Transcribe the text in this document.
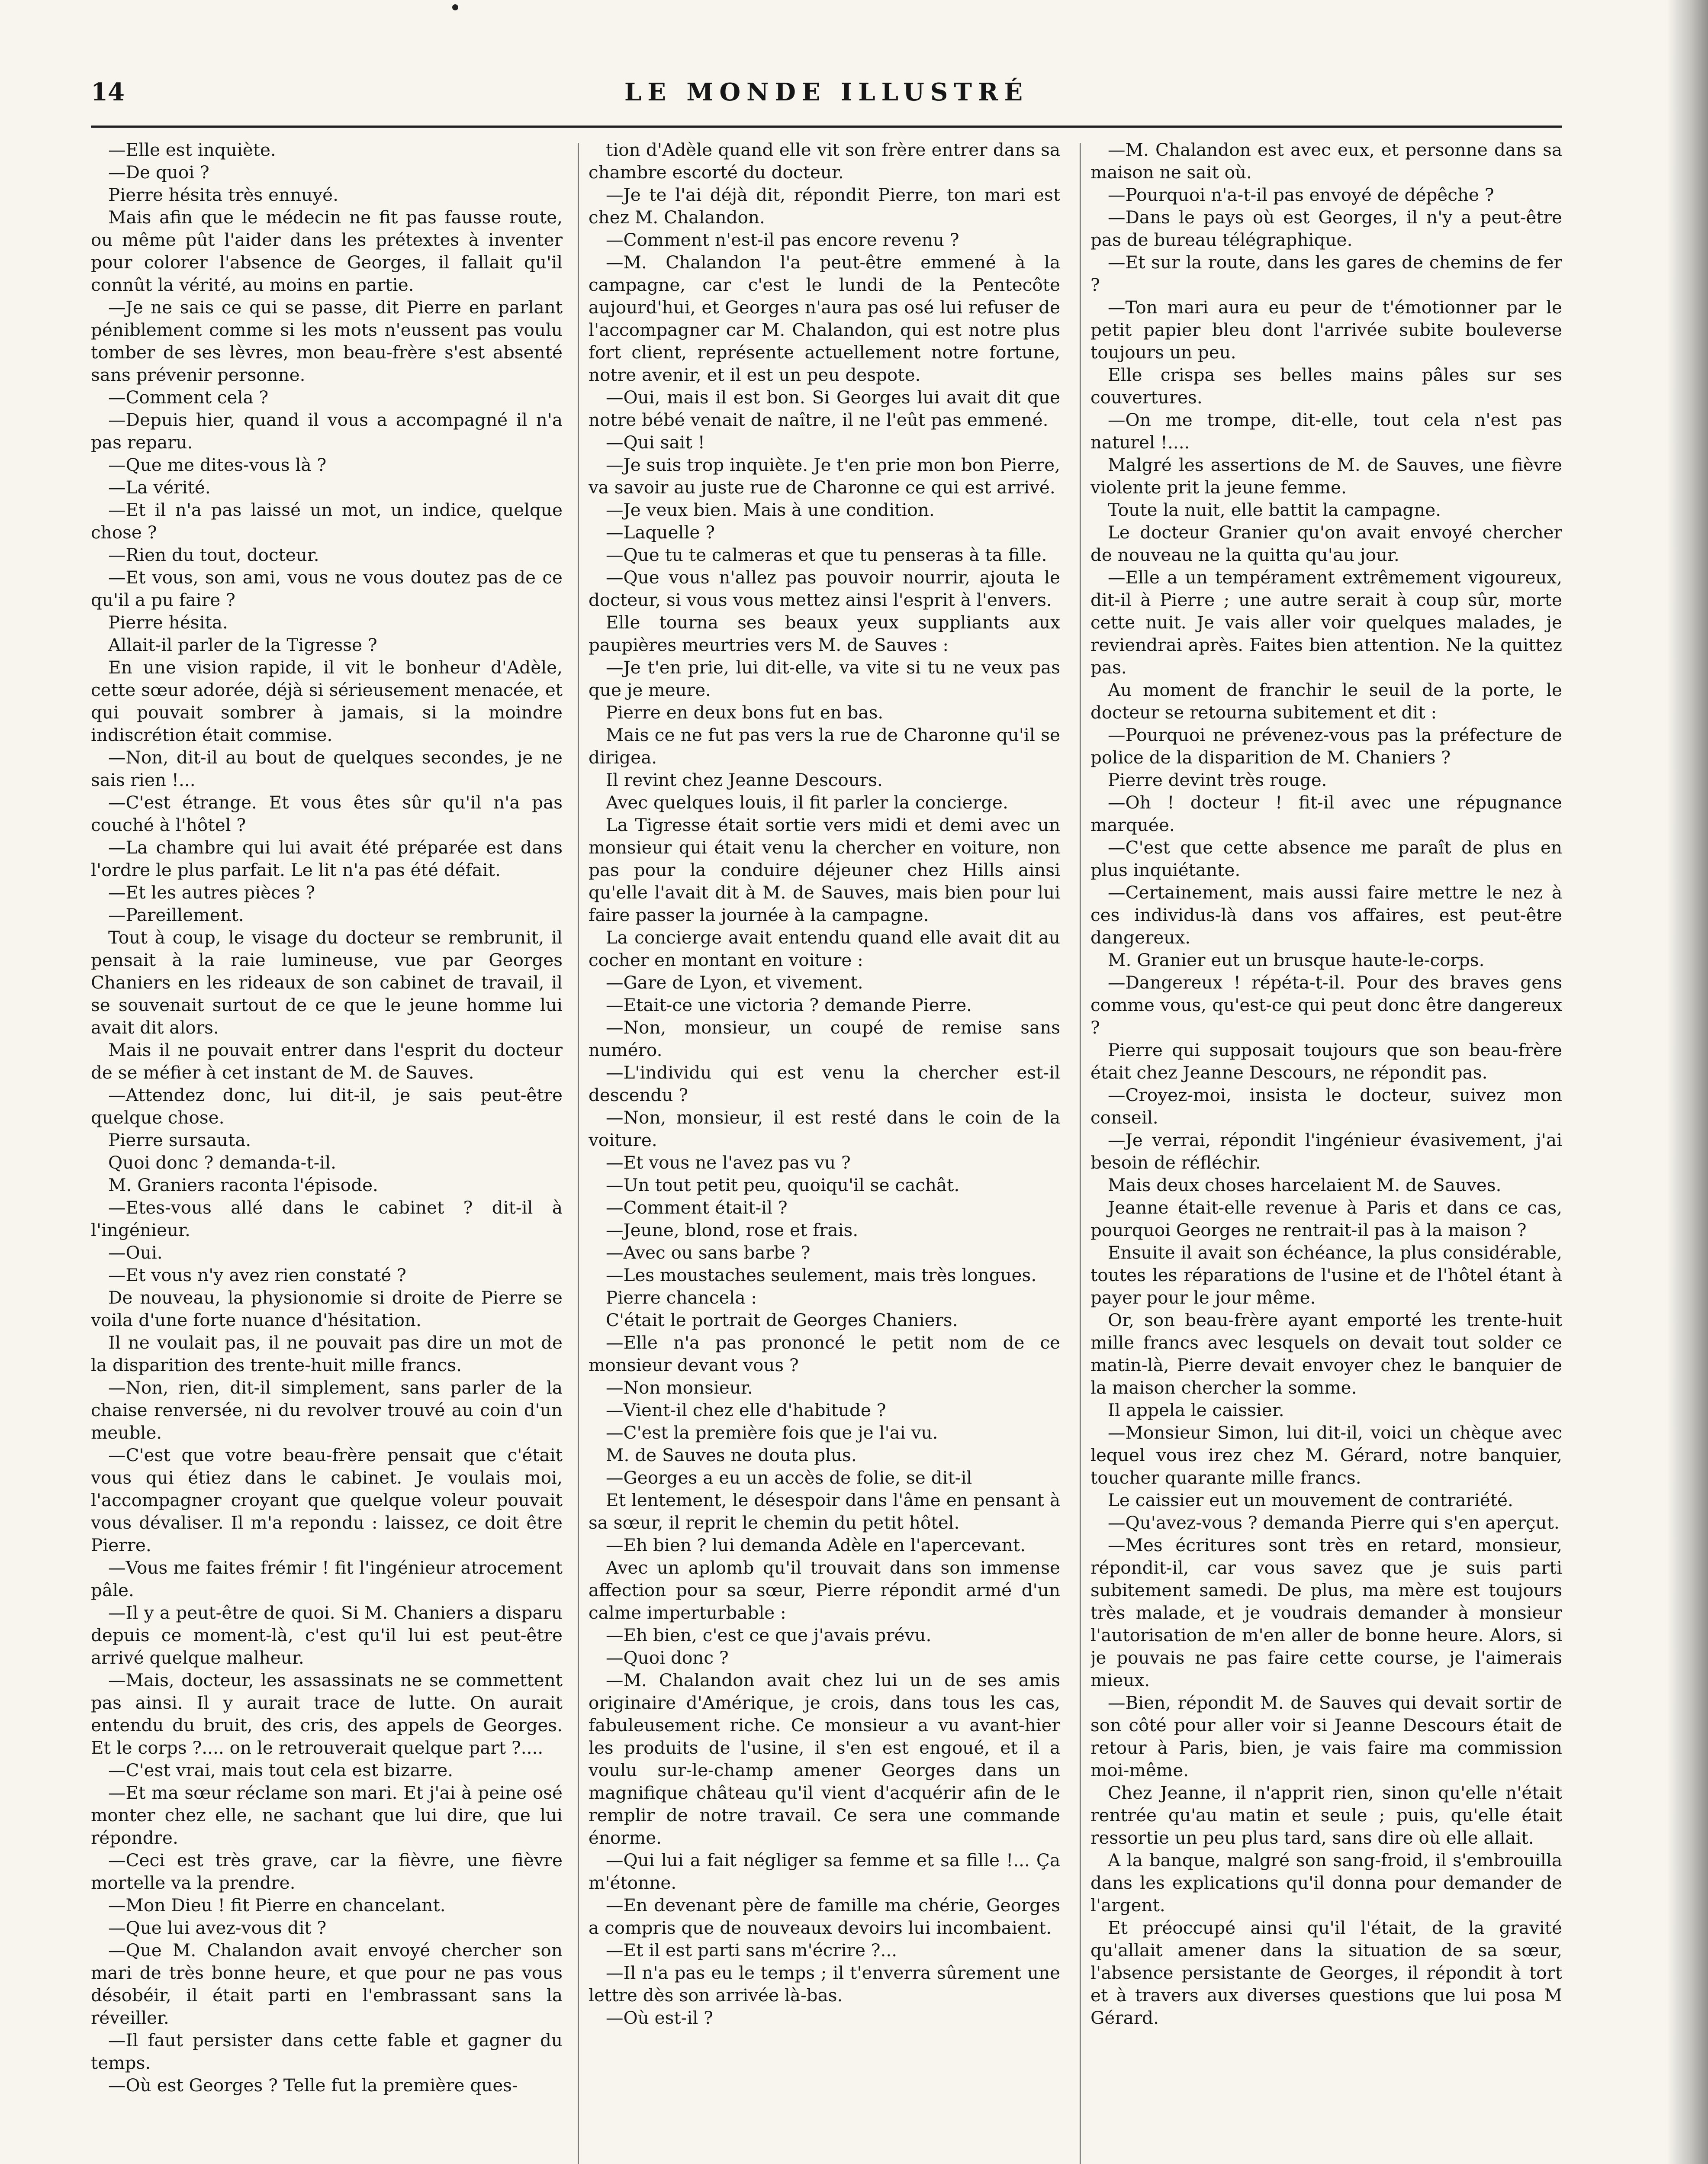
14	LE MONDE ILLUSTRÉ

—Elle est inquiète.

—De quoi ?

Pierre hésita très ennuyé.

Mais afin que le médecin ne fit pas fausse route, ou même pût l'aider dans les prétextes à inventer pour colorer l'absence de Georges, il fallait qu'il connût la vérité, au moins en partie.

—Je ne sais ce qui se passe, dit Pierre en parlant péniblement comme si les mots n'eussent pas voulu tomber de ses lèvres, mon beau-frère s'est absenté sans prévenir personne.

—Comment cela ?

—Depuis hier, quand il vous a accompagné il n'a pas reparu.

—Que me dites-vous là ?

—La vérité.

—Et il n'a pas laissé un mot, un indice, quelque chose ?

—Rien du tout, docteur.

—Et vous, son ami, vous ne vous doutez pas de ce qu'il a pu faire ?

Pierre hésita.

Allait-il parler de la Tigresse ?

En une vision rapide, il vit le bonheur d'Adèle, cette sœur adorée, déjà si sérieusement menacée, et qui pouvait sombrer à jamais, si la moindre indiscrétion était commise.

—Non, dit-il au bout de quelques secondes, je ne sais rien !...

—C'est étrange. Et vous êtes sûr qu'il n'a pas couché à l'hôtel ?

—La chambre qui lui avait été préparée est dans l'ordre le plus parfait. Le lit n'a pas été défait.

—Et les autres pièces ?

—Pareillement.

Tout à coup, le visage du docteur se rembrunit, il pensait à la raie lumineuse, vue par Georges Chaniers en les rideaux de son cabinet de travail, il se souvenait surtout de ce que le jeune homme lui avait dit alors.

Mais il ne pouvait entrer dans l'esprit du docteur de se méfier à cet instant de M. de Sauves.

—Attendez donc, lui dit-il, je sais peut-être quelque chose.

Pierre sursauta.

Quoi donc ? demanda-t-il.

M. Graniers raconta l'épisode.

—Etes-vous allé dans le cabinet ? dit-il à l'ingénieur.

—Oui.

—Et vous n'y avez rien constaté ?

De nouveau, la physionomie si droite de Pierre se voila d'une forte nuance d'hésitation.

Il ne voulait pas, il ne pouvait pas dire un mot de la disparition des trente-huit mille francs.

—Non, rien, dit-il simplement, sans parler de la chaise renversée, ni du revolver trouvé au coin d'un meuble.

—C'est que votre beau-frère pensait que c'était vous qui étiez dans le cabinet. Je voulais moi, l'accompagner croyant que quelque voleur pouvait vous dévaliser. Il m'a repondu : laissez, ce doit être Pierre.

—Vous me faites frémir ! fit l'ingénieur atrocement pâle.

—Il y a peut-être de quoi. Si M. Chaniers a disparu depuis ce moment-là, c'est qu'il lui est peut-être arrivé quelque malheur.

—Mais, docteur, les assassinats ne se commettent pas ainsi. Il y aurait trace de lutte. On aurait entendu du bruit, des cris, des appels de Georges. Et le corps ?.... on le retrouverait quelque part ?....

—C'est vrai, mais tout cela est bizarre.

—Et ma sœur réclame son mari. Et j'ai à peine osé monter chez elle, ne sachant que lui dire, que lui répondre.

—Ceci est très grave, car la fièvre, une fièvre mortelle va la prendre.

—Mon Dieu ! fit Pierre en chancelant.

—Que lui avez-vous dit ?

—Que M. Chalandon avait envoyé chercher son mari de très bonne heure, et que pour ne pas vous désobéir, il était parti en l'embrassant sans la réveiller.

—Il faut persister dans cette fable et gagner du temps.

—Où est Georges ? Telle fut la première ques-

tion d'Adèle quand elle vit son frère entrer dans sa chambre escorté du docteur.

—Je te l'ai déjà dit, répondit Pierre, ton mari est chez M. Chalandon.

—Comment n'est-il pas encore revenu ?

—M. Chalandon l'a peut-être emmené à la campagne, car c'est le lundi de la Pentecôte aujourd'hui, et Georges n'aura pas osé lui refuser de l'accompagner car M. Chalandon, qui est notre plus fort client, représente actuellement notre fortune, notre avenir, et il est un peu despote.

—Oui, mais il est bon. Si Georges lui avait dit que notre bébé venait de naître, il ne l'eût pas emmené.

—Qui sait !

—Je suis trop inquiète. Je t'en prie mon bon Pierre, va savoir au juste rue de Charonne ce qui est arrivé.

—Je veux bien. Mais à une condition.

—Laquelle ?

—Que tu te calmeras et que tu penseras à ta fille.

—Que vous n'allez pas pouvoir nourrir, ajouta le docteur, si vous vous mettez ainsi l'esprit à l'envers.

Elle tourna ses beaux yeux suppliants aux paupières meurtries vers M. de Sauves :

—Je t'en prie, lui dit-elle, va vite si tu ne veux pas que je meure.

Pierre en deux bons fut en bas.

Mais ce ne fut pas vers la rue de Charonne qu'il se dirigea.

Il revint chez Jeanne Descours.

Avec quelques louis, il fit parler la concierge.

La Tigresse était sortie vers midi et demi avec un monsieur qui était venu la chercher en voiture, non pas pour la conduire déjeuner chez Hills ainsi qu'elle l'avait dit à M. de Sauves, mais bien pour lui faire passer la journée à la campagne.

La concierge avait entendu quand elle avait dit au cocher en montant en voiture :

—Gare de Lyon, et vivement.

—Etait-ce une victoria ? demande Pierre.

—Non, monsieur, un coupé de remise sans numéro.

—L'individu qui est venu la chercher est-il descendu ?

—Non, monsieur, il est resté dans le coin de la voiture.

—Et vous ne l'avez pas vu ?

—Un tout petit peu, quoiqu'il se cachât.

—Comment était-il ?

—Jeune, blond, rose et frais.

—Avec ou sans barbe ?

—Les moustaches seulement, mais très longues.

Pierre chancela :

C'était le portrait de Georges Chaniers.

—Elle n'a pas prononcé le petit nom de ce monsieur devant vous ?

—Non monsieur.

—Vient-il chez elle d'habitude ?

—C'est la première fois que je l'ai vu.

M. de Sauves ne douta plus.

—Georges a eu un accès de folie, se dit-il

Et lentement, le désespoir dans l'âme en pensant à sa sœur, il reprit le chemin du petit hôtel.

—Eh bien ? lui demanda Adèle en l'apercevant.

Avec un aplomb qu'il trouvait dans son immense affection pour sa sœur, Pierre répondit armé d'un calme imperturbable :

—Eh bien, c'est ce que j'avais prévu.

—Quoi donc ?

—M. Chalandon avait chez lui un de ses amis originaire d'Amérique, je crois, dans tous les cas, fabuleusement riche. Ce monsieur a vu avant-hier les produits de l'usine, il s'en est engoué, et il a voulu sur-le-champ amener Georges dans un magnifique château qu'il vient d'acquérir afin de le remplir de notre travail. Ce sera une commande énorme.

—Qui lui a fait négliger sa femme et sa fille !... Ça m'étonne.

—En devenant père de famille ma chérie, Georges a compris que de nouveaux devoirs lui incombaient.

—Et il est parti sans m'écrire ?...

—Il n'a pas eu le temps ; il t'enverra sûrement une lettre dès son arrivée là-bas.

—Où est-il ?

—M. Chalandon est avec eux, et personne dans sa maison ne sait où.

—Pourquoi n'a-t-il pas envoyé de dépêche ?

—Dans le pays où est Georges, il n'y a peut-être pas de bureau télégraphique.

—Et sur la route, dans les gares de chemins de fer ?

—Ton mari aura eu peur de t'émotionner par le petit papier bleu dont l'arrivée subite bouleverse toujours un peu.

Elle crispa ses belles mains pâles sur ses couvertures.

—On me trompe, dit-elle, tout cela n'est pas naturel !....

Malgré les assertions de M. de Sauves, une fièvre violente prit la jeune femme.

Toute la nuit, elle battit la campagne.

Le docteur Granier qu'on avait envoyé chercher de nouveau ne la quitta qu'au jour.

—Elle a un tempérament extrêmement vigoureux, dit-il à Pierre ; une autre serait à coup sûr, morte cette nuit. Je vais aller voir quelques malades, je reviendrai après. Faites bien attention. Ne la quittez pas.

Au moment de franchir le seuil de la porte, le docteur se retourna subitement et dit :

—Pourquoi ne prévenez-vous pas la préfecture de police de la disparition de M. Chaniers ?

Pierre devint très rouge.

—Oh ! docteur ! fit-il avec une répugnance marquée.

—C'est que cette absence me paraît de plus en plus inquiétante.

—Certainement, mais aussi faire mettre le nez à ces individus-là dans vos affaires, est peut-être dangereux.

M. Granier eut un brusque haute-le-corps.

—Dangereux ! répéta-t-il. Pour des braves gens comme vous, qu'est-ce qui peut donc être dangereux ?

Pierre qui supposait toujours que son beau-frère était chez Jeanne Descours, ne répondit pas.

—Croyez-moi, insista le docteur, suivez mon conseil.

—Je verrai, répondit l'ingénieur évasivement, j'ai besoin de réfléchir.

Mais deux choses harcelaient M. de Sauves.

Jeanne était-elle revenue à Paris et dans ce cas, pourquoi Georges ne rentrait-il pas à la maison ?

Ensuite il avait son échéance, la plus considérable, toutes les réparations de l'usine et de l'hôtel étant à payer pour le jour même.

Or, son beau-frère ayant emporté les trente-huit mille francs avec lesquels on devait tout solder ce matin-là, Pierre devait envoyer chez le banquier de la maison chercher la somme.

Il appela le caissier.

—Monsieur Simon, lui dit-il, voici un chèque avec lequel vous irez chez M. Gérard, notre banquier, toucher quarante mille francs.

Le caissier eut un mouvement de contrariété.

—Qu'avez-vous ? demanda Pierre qui s'en aperçut.

—Mes écritures sont très en retard, monsieur, répondit-il, car vous savez que je suis parti subitement samedi. De plus, ma mère est toujours très malade, et je voudrais demander à monsieur l'autorisation de m'en aller de bonne heure. Alors, si je pouvais ne pas faire cette course, je l'aimerais mieux.

—Bien, répondit M. de Sauves qui devait sortir de son côté pour aller voir si Jeanne Descours était de retour à Paris, bien, je vais faire ma commission moi-même.

Chez Jeanne, il n'apprit rien, sinon qu'elle n'était rentrée qu'au matin et seule ; puis, qu'elle était ressortie un peu plus tard, sans dire où elle allait.

A la banque, malgré son sang-froid, il s'embrouilla dans les explications qu'il donna pour demander de l'argent.

Et préoccupé ainsi qu'il l'était, de la gravité qu'allait amener dans la situation de sa sœur, l'absence persistante de Georges, il répondit à tort et à travers aux diverses questions que lui posa M Gérard.
